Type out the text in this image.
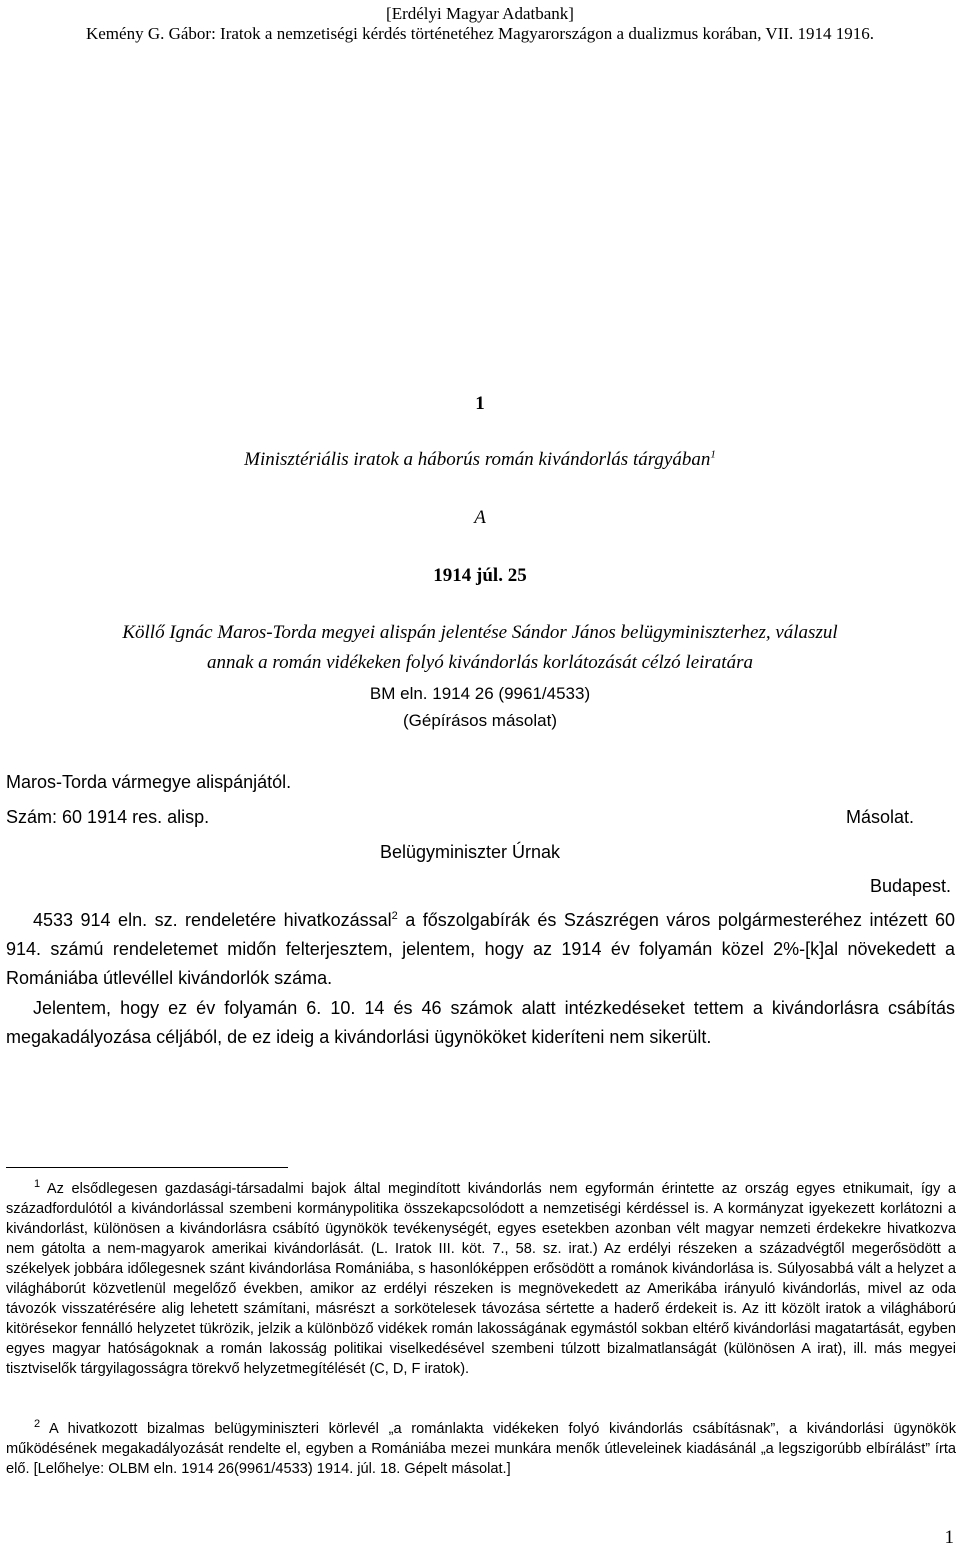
[Erdélyi Magyar Adatbank]
Kemény G. Gábor: Iratok a nemzetiségi kérdés történetéhez Magyarországon a dualizmus korában, VII. 1914 1916.
1
Minisztériális iratok a háborús román kivándorlás tárgyában$^1$
A
1914 júl. 25
Köllő Ignác Maros-Torda megyei alispán jelentése Sándor János belügyminiszterhez, válaszul
annak a román vidékeken folyó kivándorlás korlátozását célzó leiratára
BM eln. 1914 26 (9961/4533)
(Gépírásos másolat)
Maros-Torda vármegye alispánjától.
Szám: 60 1914 res. alisp.	Másolat.
Belügyminiszter Úrnak
Budapest.
4533 914 eln. sz. rendeletére hivatkozással$^2$ a főszolgabírák és Szászrégen város polgármesteréhez intézett 60 914. számú rendeletemet midőn felterjesztem, jelentem, hogy az 1914 év folyamán közel 2%-[k]al növekedett a Romániába útlevéllel kivándorlók száma.
Jelentem, hogy ez év folyamán 6. 10. 14 és 46 számok alatt intézkedéseket tettem a kivándorlásra csábítás megakadályozása céljából, de ez ideig a kivándorlási ügynököket kideríteni nem sikerült.
$^1$ Az elsődlegesen gazdasági-társadalmi bajok által megindított kivándorlás nem egyformán érintette az ország egyes etnikumait, így a századfordulótól a kivándorlással szembeni kormánypolitika összekapcsolódott a nemzetiségi kérdéssel is. A kormányzat igyekezett korlátozni a kivándorlást, különösen a kivándorlásra csábító ügynökök tevékenységét, egyes esetekben azonban vélt magyar nemzeti érdekekre hivatkozva nem gátolta a nem-magyarok amerikai kivándorlását. (L. Iratok III. köt. 7., 58. sz. irat.) Az erdélyi részeken a századvégtől megerősödött a székelyek jobbára időlegesnek szánt kivándorlása Romániába, s hasonlóképpen erősödött a románok kivándorlása is. Súlyosabbá vált a helyzet a világháborút közvetlenül megelőző években, amikor az erdélyi részeken is megnövekedett az Amerikába irányuló kivándorlás, mivel az oda távozók visszatérésére alig lehetett számítani, másrészt a sorkötelesek távozása sértette a haderő érdekeit is. Az itt közölt iratok a világháború kitörésekor fennálló helyzetet tükrözik, jelzik a különböző vidékek román lakosságának egymástól sokban eltérő kivándorlási magatartását, egyben egyes magyar hatóságoknak a román lakosság politikai viselkedésével szembeni túlzott bizalmatlanságát (különösen A irat), ill. más megyei tisztviselők tárgyilagosságra törekvő helyzetmegítélését (C, D, F iratok).
$^2$ A hivatkozott bizalmas belügyminiszteri körlevél „a románlakta vidékeken folyó kivándorlás csábításnak”, a kivándorlási ügynökök működésének megakadályozását rendelte el, egyben a Romániába mezei munkára menők útleveleinek kiadásánál „a legszigorúbb elbírálást” írta elő. [Lelőhelye: OLBM eln. 1914 26(9961/4533) 1914. júl. 18. Gépelt másolat.]
1
